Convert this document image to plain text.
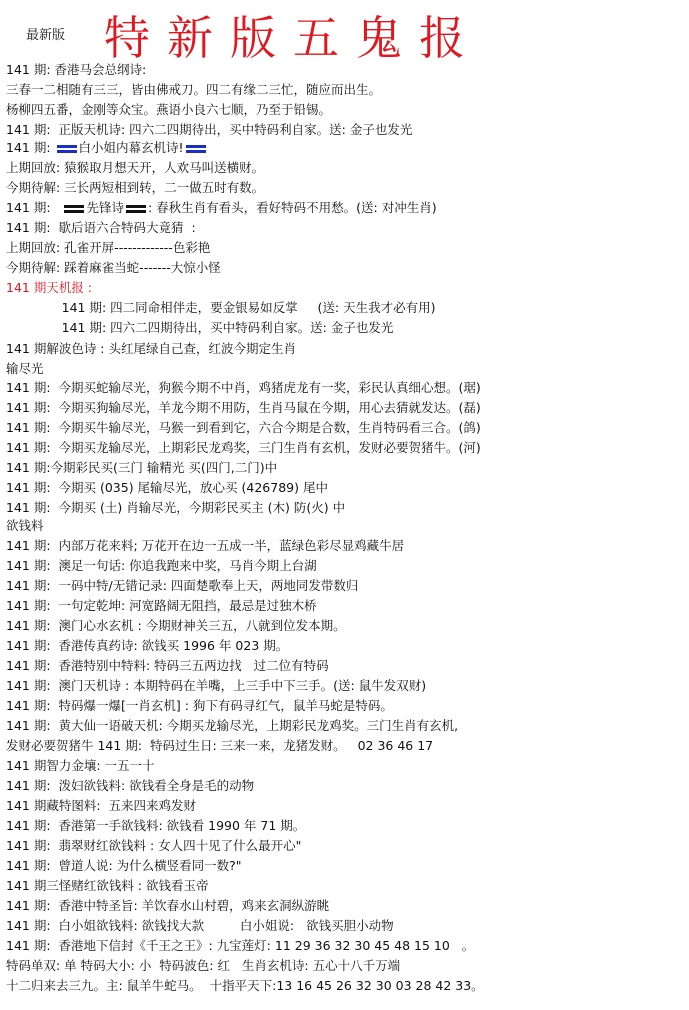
最新版 特新版五鬼报
141 期: 香港马会总纲诗:
三春一二相随有三三，皆由佛戒刀。四二有缘二三忙，随应而出生。
杨柳四五番，金刚等众宝。燕语小良六七顺，乃至于铅锡。
141 期:  正版天机诗: 四六二四期待出，买中特码利自家。送: 金子也发光
141 期: 白小姐内幕玄机诗!
上期回放: 猿猴取月想天开，人欢马叫送横财。
今期待解: 三长两短相到转，二一做五时有数。
141 期:   先锋诗 : 春秋生肖有看头，看好特码不用愁。(送: 对冲生肖)
141 期:  歇后语六合特码大竟猜  :
上期回放: 孔雀开屏-------------色彩艳
今期待解: 踩着麻雀当蛇-------大惊小怪
141 期天机报 :
141 期: 四二同命相伴走，要金银易如反掌     (送: 天生我才必有用)
141 期: 四六二四期待出，买中特码利自家。送: 金子也发光
141 期解波色诗 : 头红尾绿自己查，红波今期定生肖
输尽光
141 期:  今期买蛇输尽光，狗猴今期不中肖，鸡猪虎龙有一奖，彩民认真细心想。(琚)
141 期:  今期买狗输尽光，羊龙今期不用防，生肖马鼠在今期，用心去猜就发达。(磊)
141 期:  今期买牛输尽光，马猴一到看到它，六合今期是合数，生肖特码看三合。(鸽)
141 期:  今期买龙输尽光，上期彩民龙鸡奖，三门生肖有玄机，发财必要贺猪牛。(河)
141 期:今期彩民买(三门 输精光 买(四门,二门)中
141 期:  今期买 (035) 尾输尽光，放心买 (426789) 尾中
141 期:  今期买 (土) 肖输尽光，今期彩民买主 (木) 防(火) 中
欲钱料
141 期:  内部万花来料; 万花开在边一五成一半，蓝绿色彩尽显鸡藏牛居
141 期:  澳足一句话: 你追我跑来中奖，马肖今期上台湖
141 期:  一码中特/无错记录: 四面楚歌奉上天，两地同发带数归
141 期:  一句定乾坤: 河宽路阔无阻挡，最忌是过独木桥
141 期:  澳门心水玄机 : 今期财神关三五，八就到位发本期。
141 期:  香港传真药诗: 欲钱买 1996 年 023 期。
141 期:  香港特别中特料: 特码三五两边找   过二位有特码
141 期:  澳门天机诗 : 本期特码在羊嘴，上三手中下三手。(送: 鼠牛发双财)
141 期:  特码爆一爆[一肖玄机] : 狗下有码寻红气，鼠羊马蛇是特码。
141 期:  黄大仙一语破天机: 今期买龙输尽光，上期彩民龙鸡奖。三门生肖有玄机,
发财必要贺猪牛 141 期:  特码过生日: 三来一来，龙猪发财。   02 36 46 17
141 期智力金壤: 一五一十
141 期:  泼妇欲钱料: 欲钱看全身是毛的动物
141 期藏特图料:  五来四来鸡发财
141 期:  香港第一手欲钱料: 欲钱看 1990 年 71 期。
141 期:  翡翠财红欲钱料 : 女人四十见了什么最开心"
141 期:  曾道人说: 为什么横竖看同一数?"
141 期三怪赌红欲钱料 : 欲钱看玉帝
141 期:  香港中特圣旨: 羊饮春水山村碧，鸡来玄洞纵游眺
141 期:  白小姐欲钱料: 欲钱找大款         白小姐说:   欲钱买胆小动物
141 期:  香港地下信封《千王之王》: 九宝莲灯: 11 29 36 32 30 45 48 15 10   。
特码单双: 单 特码大小: 小  特码波色: 红   生肖玄机诗: 五心十八千万端
十二归来去三九。主: 鼠羊牛蛇马。  十指平天下:13 16 45 26 32 30 03 28 42 33。
